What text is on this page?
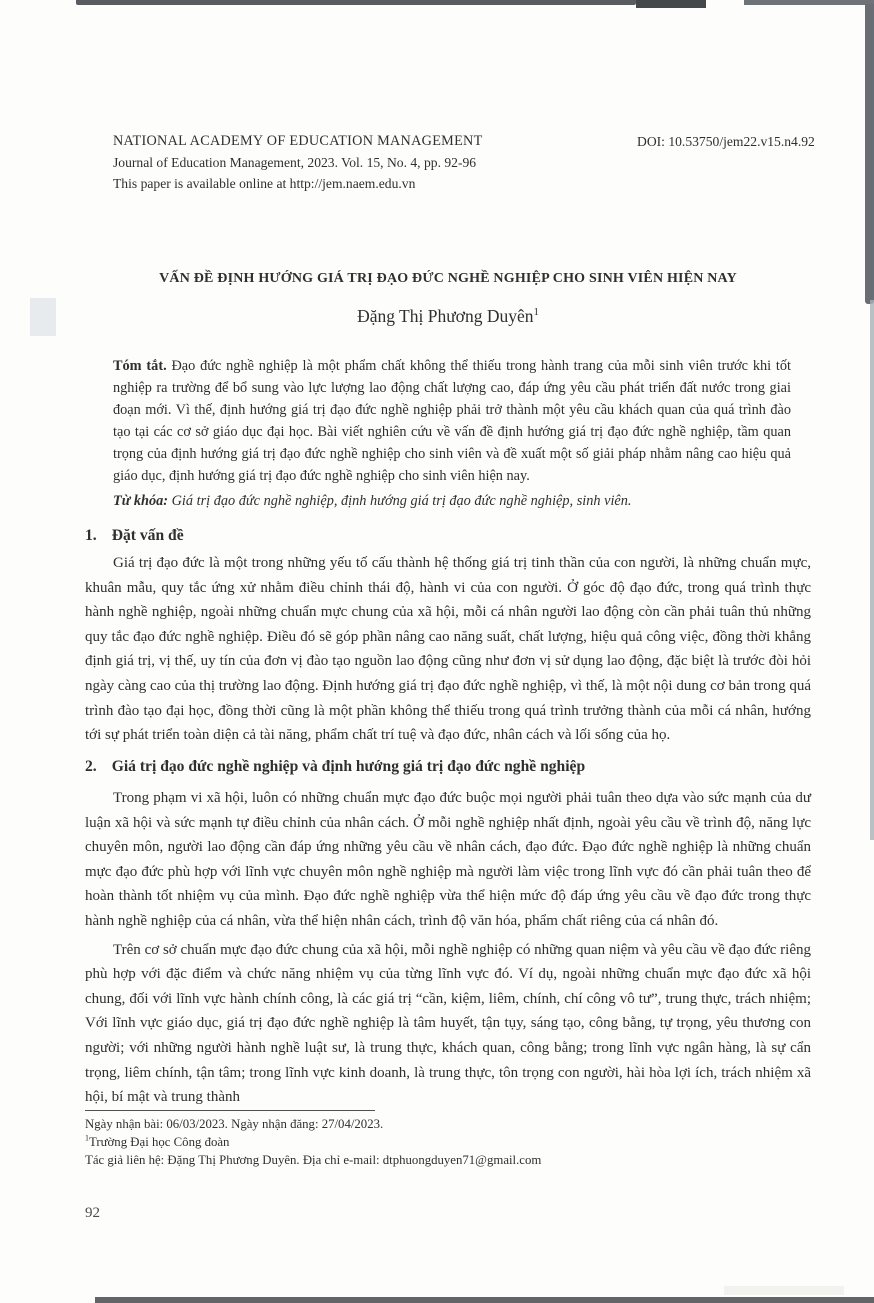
NATIONAL ACADEMY OF EDUCATION MANAGEMENT
Journal of Education Management, 2023. Vol. 15, No. 4, pp. 92-96
This paper is available online at http://jem.naem.edu.vn
DOI: 10.53750/jem22.v15.n4.92
VẤN ĐỀ ĐỊNH HƯỚNG GIÁ TRỊ ĐẠO ĐỨC NGHỀ NGHIỆP CHO SINH VIÊN HIỆN NAY
Đặng Thị Phương Duyên$^1$
Tóm tắt. Đạo đức nghề nghiệp là một phẩm chất không thể thiếu trong hành trang của mỗi sinh viên trước khi tốt nghiệp ra trường để bổ sung vào lực lượng lao động chất lượng cao, đáp ứng yêu cầu phát triển đất nước trong giai đoạn mới. Vì thế, định hướng giá trị đạo đức nghề nghiệp phải trở thành một yêu cầu khách quan của quá trình đào tạo tại các cơ sở giáo dục đại học. Bài viết nghiên cứu về vấn đề định hướng giá trị đạo đức nghề nghiệp, tầm quan trọng của định hướng giá trị đạo đức nghề nghiệp cho sinh viên và đề xuất một số giải pháp nhằm nâng cao hiệu quả giáo dục, định hướng giá trị đạo đức nghề nghiệp cho sinh viên hiện nay.
Từ khóa: Giá trị đạo đức nghề nghiệp, định hướng giá trị đạo đức nghề nghiệp, sinh viên.
1. Đặt vấn đề

Giá trị đạo đức là một trong những yếu tố cấu thành hệ thống giá trị tinh thần của con người, là những chuẩn mực, khuân mẫu, quy tắc ứng xử nhằm điều chỉnh thái độ, hành vi của con người. Ở góc độ đạo đức, trong quá trình thực hành nghề nghiệp, ngoài những chuẩn mực chung của xã hội, mỗi cá nhân người lao động còn cần phải tuân thủ những quy tắc đạo đức nghề nghiệp. Điều đó sẽ góp phần nâng cao năng suất, chất lượng, hiệu quả công việc, đồng thời khẳng định giá trị, vị thế, uy tín của đơn vị đào tạo nguồn lao động cũng như đơn vị sử dụng lao động, đặc biệt là trước đòi hỏi ngày càng cao của thị trường lao động. Định hướng giá trị đạo đức nghề nghiệp, vì thế, là một nội dung cơ bản trong quá trình đào tạo đại học, đồng thời cũng là một phần không thể thiếu trong quá trình trưởng thành của mỗi cá nhân, hướng tới sự phát triển toàn diện cả tài năng, phẩm chất trí tuệ và đạo đức, nhân cách và lối sống của họ.

2. Giá trị đạo đức nghề nghiệp và định hướng giá trị đạo đức nghề nghiệp

Trong phạm vi xã hội, luôn có những chuẩn mực đạo đức buộc mọi người phải tuân theo dựa vào sức mạnh của dư luận xã hội và sức mạnh tự điều chỉnh của nhân cách. Ở mỗi nghề nghiệp nhất định, ngoài yêu cầu về trình độ, năng lực chuyên môn, người lao động cần đáp ứng những yêu cầu về nhân cách, đạo đức. Đạo đức nghề nghiệp là những chuẩn mực đạo đức phù hợp với lĩnh vực chuyên môn nghề nghiệp mà người làm việc trong lĩnh vực đó cần phải tuân theo để hoàn thành tốt nhiệm vụ của mình. Đạo đức nghề nghiệp vừa thể hiện mức độ đáp ứng yêu cầu về đạo đức trong thực hành nghề nghiệp của cá nhân, vừa thể hiện nhân cách, trình độ văn hóa, phẩm chất riêng của cá nhân đó.

Trên cơ sở chuẩn mực đạo đức chung của xã hội, mỗi nghề nghiệp có những quan niệm và yêu cầu về đạo đức riêng phù hợp với đặc điểm và chức năng nhiệm vụ của từng lĩnh vực đó. Ví dụ, ngoài những chuẩn mực đạo đức xã hội chung, đối với lĩnh vực hành chính công, là các giá trị “cần, kiệm, liêm, chính, chí công vô tư”, trung thực, trách nhiệm; Với lĩnh vực giáo dục, giá trị đạo đức nghề nghiệp là tâm huyết, tận tụy, sáng tạo, công bằng, tự trọng, yêu thương con người; với những người hành nghề luật sư, là trung thực, khách quan, công bằng; trong lĩnh vực ngân hàng, là sự cẩn trọng, liêm chính, tận tâm; trong lĩnh vực kinh doanh, là trung thực, tôn trọng con người, hài hòa lợi ích, trách nhiệm xã hội, bí mật và trung thành

Ngày nhận bài: 06/03/2023. Ngày nhận đăng: 27/04/2023.
$^1$Trường Đại học Công đoàn
Tác giả liên hệ: Đặng Thị Phương Duyên. Địa chỉ e-mail: dtphuongduyen71@gmail.com
92
